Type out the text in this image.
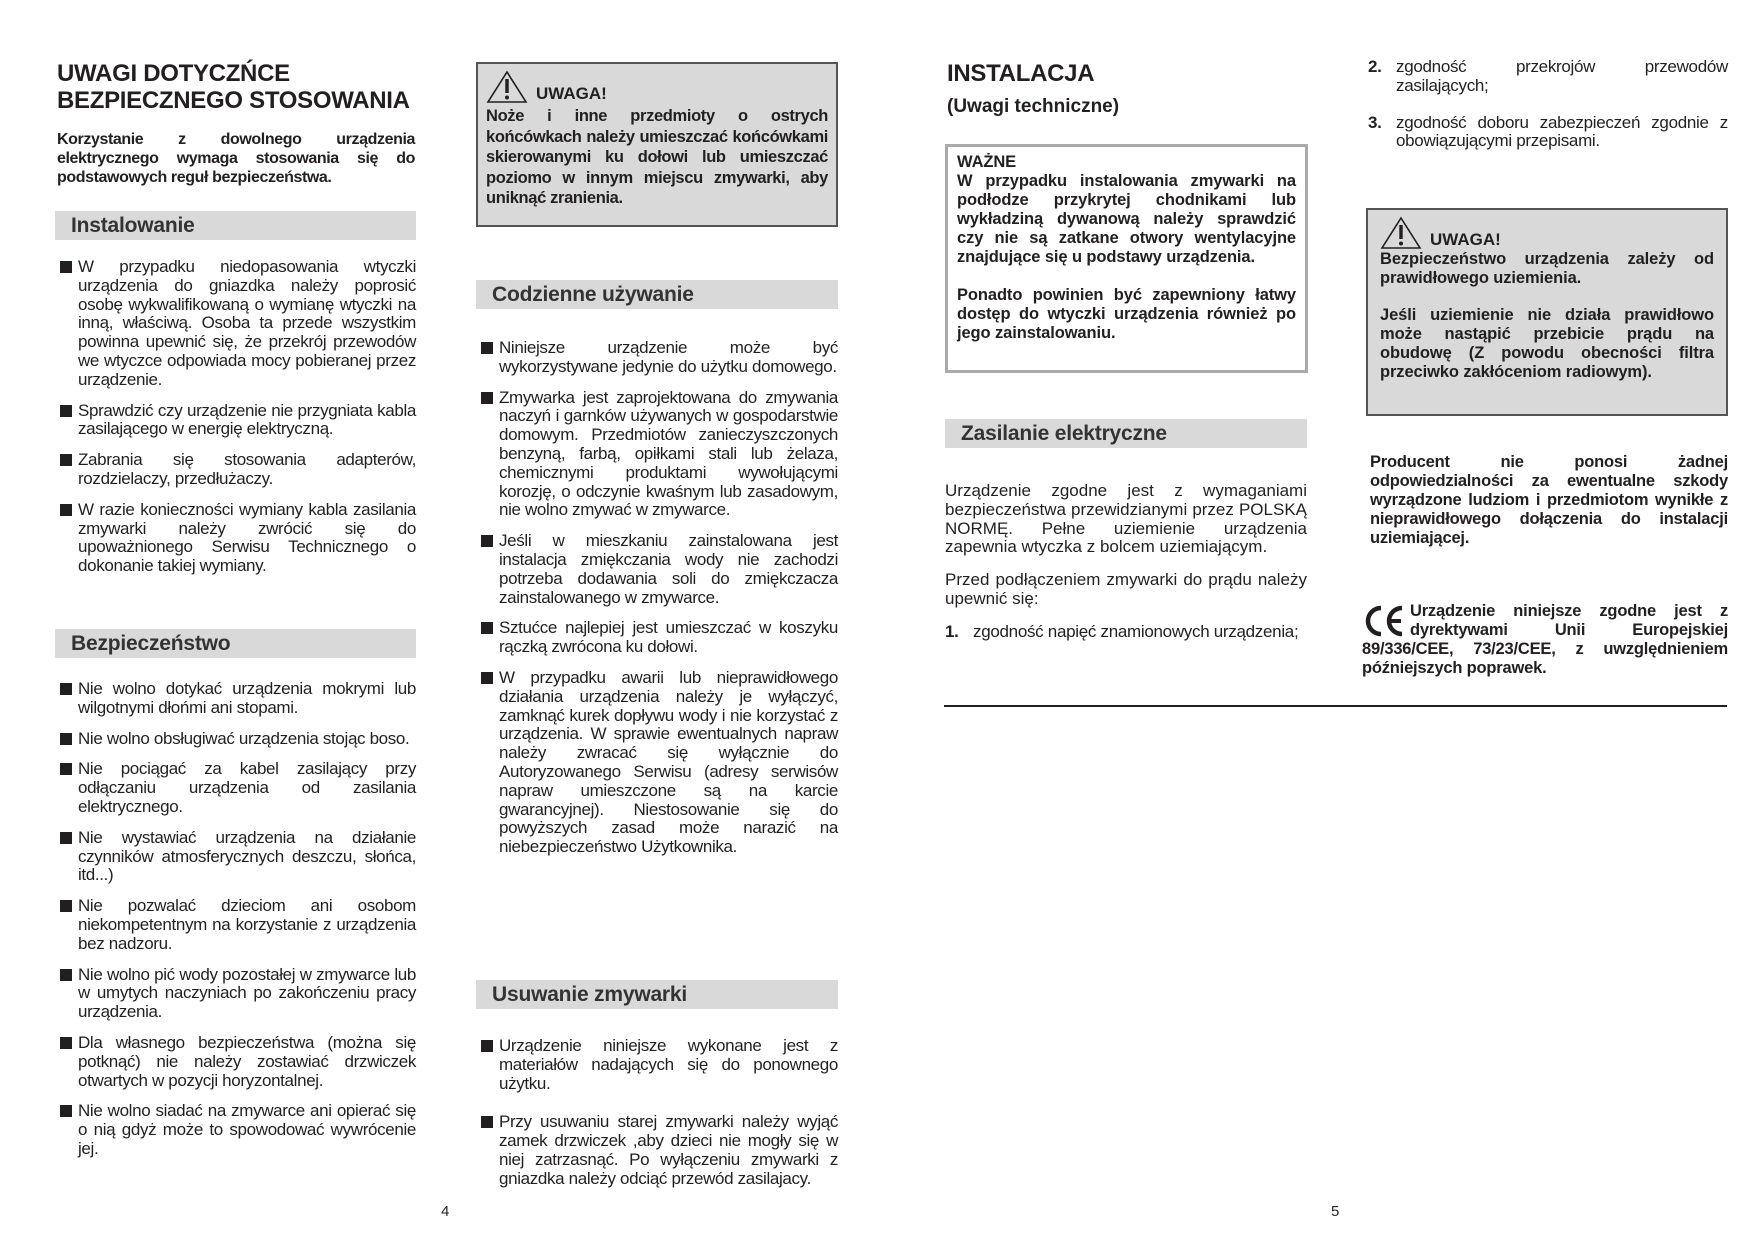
UWAGI DOTYCZŃCE
BEZPIECZNEGO STOSOWANIA
Korzystanie z dowolnego urządzenia elektrycznego wymaga stosowania się do podstawowych reguł bezpieczeństwa.
Instalowanie
W przypadku niedopasowania wtyczki urządzenia do gniazdka należy poprosić osobę wykwalifikowaną o wymianę wtyczki na inną, właściwą. Osoba ta przede wszystkim powinna upewnić się, że przekrój przewodów we wtyczce odpowiada mocy pobieranej przez urządzenie.
Sprawdzić czy urządzenie nie przygniata kabla zasilającego w energię elektryczną.
Zabrania się stosowania adapterów, rozdzielaczy, przedłużaczy.
W razie konieczności wymiany kabla zasilania zmywarki należy zwrócić się do upoważnionego Serwisu Technicznego o dokonanie takiej wymiany.
Bezpieczeństwo
Nie wolno dotykać urządzenia mokrymi lub wilgotnymi dłońmi ani stopami.
Nie wolno obsługiwać urządzenia stojąc boso.
Nie pociągać za kabel zasilający przy odłączaniu urządzenia od zasilania elektrycznego.
Nie wystawiać urządzenia na działanie czynników atmosferycznych deszczu, słońca, itd...)
Nie pozwalać dzieciom ani osobom niekompetentnym na korzystanie z urządzenia bez nadzoru.
Nie wolno pić wody pozostałej w zmywarce lub w umytych naczyniach po zakończeniu pracy urządzenia.
Dla własnego bezpieczeństwa (można się potknąć) nie należy zostawiać drzwiczek otwartych w pozycji horyzontalnej.
Nie wolno siadać na zmywarce ani opierać się o nią gdyż może to spowodować wywrócenie jej.
UWAGA!
Noże i inne przedmioty o ostrych końcówkach należy umieszczać końcówkami skierowanymi ku dołowi lub umieszczać poziomo w innym miejscu zmywarki, aby uniknąć zranienia.
Codzienne używanie
Niniejsze urządzenie może być wykorzystywane jedynie do użytku domowego.
Zmywarka jest zaprojektowana do zmywania naczyń i garnków używanych w gospodarstwie domowym. Przedmiotów zanieczyszczonych benzyną, farbą, opiłkami stali lub żelaza, chemicznymi produktami wywołującymi korozję, o odczynie kwaśnym lub zasadowym, nie wolno zmywać w zmywarce.
Jeśli w mieszkaniu zainstalowana jest instalacja zmiękczania wody nie zachodzi potrzeba dodawania soli do zmiękczacza zainstalowanego w zmywarce.
Sztućce najlepiej jest umieszczać w koszyku rączką zwrócona ku dołowi.
W przypadku awarii lub nieprawidłowego działania urządzenia należy je wyłączyć, zamknąć kurek dopływu wody i nie korzystać z urządzenia. W sprawie ewentualnych napraw należy zwracać się wyłącznie do Autoryzowanego Serwisu (adresy serwisów napraw umieszczone są na karcie gwarancyjnej). Niestosowanie się do powyższych zasad może narazić na niebezpieczeństwo Użytkownika.
Usuwanie zmywarki
Urządzenie niniejsze wykonane jest z materiałów nadających się do ponownego użytku.
Przy usuwaniu starej zmywarki należy wyjąć zamek drzwiczek ,aby dzieci nie mogły się w niej zatrzasnąć. Po wyłączeniu zmywarki z gniazdka należy odciąć przewód zasilajacy.
4
INSTALACJA
(Uwagi techniczne)
WAŻNE
W przypadku instalowania zmywarki na podłodze przykrytej chodnikami lub wykładziną dywanową należy sprawdzić czy nie są zatkane otwory wentylacyjne znajdujące się u podstawy urządzenia.
Ponadto powinien być zapewniony łatwy dostęp do wtyczki urządzenia również po jego zainstalowaniu.
Zasilanie elektryczne
Urządzenie zgodne jest z wymaganiami bezpieczeństwa przewidzianymi przez POLSKĄ NORMĘ. Pełne uziemienie urządzenia zapewnia wtyczka z bolcem uziemiającym.
Przed podłączeniem zmywarki do prądu należy upewnić się:
1. zgodność napięć znamionowych urządzenia;
2. zgodność przekrojów przewodów zasilających;
3. zgodność doboru zabezpieczeń zgodnie z obowiązującymi przepisami.
UWAGA!
Bezpieczeństwo urządzenia zależy od prawidłowego uziemienia.
Jeśli uziemienie nie działa prawidłowo może nastąpić przebicie prądu na obudowę (Z powodu obecności filtra przeciwko zakłóceniom radiowym).
Producent nie ponosi żadnej odpowiedzialności za ewentualne szkody wyrządzone ludziom i przedmiotom wynikłe z nieprawidłowego dołączenia do instalacji uziemiającej.
Urządzenie niniejsze zgodne jest z dyrektywami Unii Europejskiej 89/336/CEE, 73/23/CEE, z uwzględnieniem późniejszych poprawek.
5
